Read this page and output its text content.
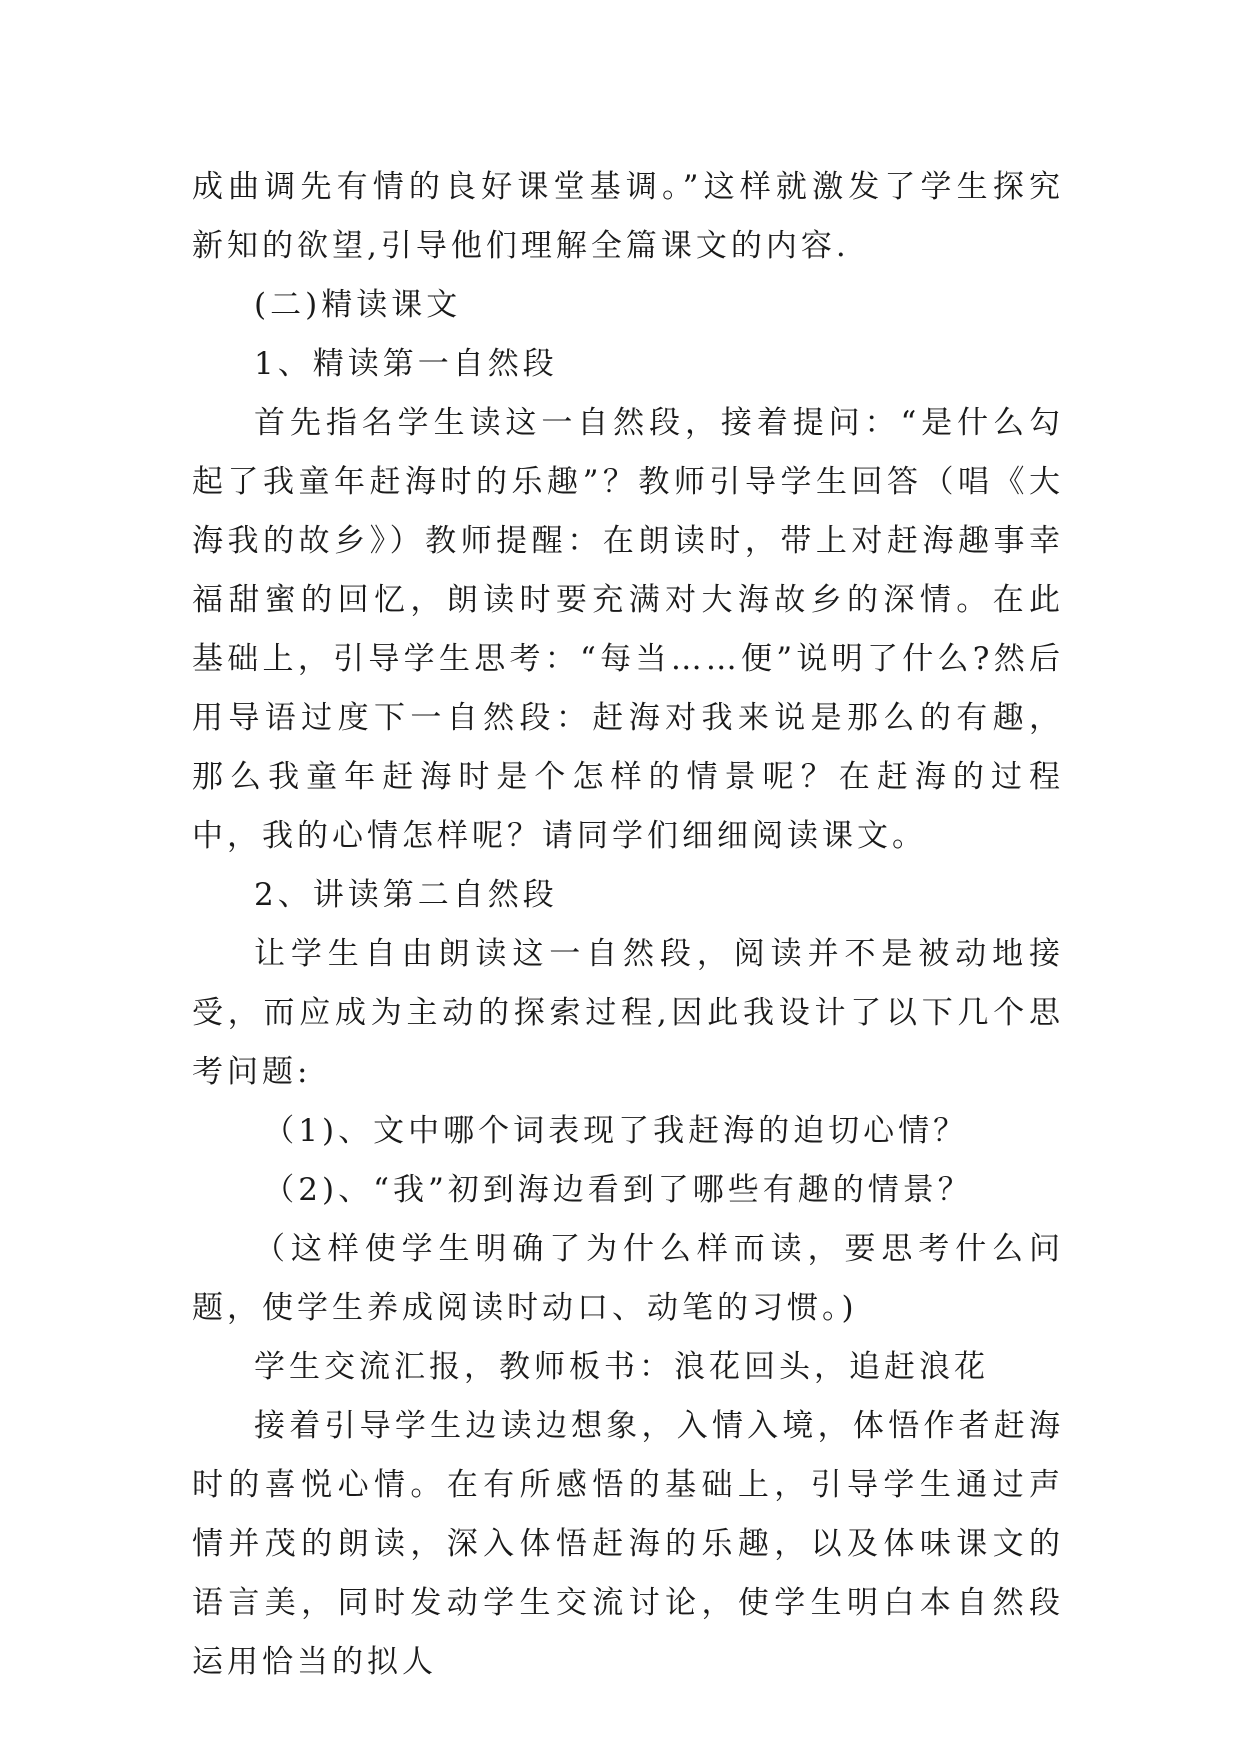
成曲调先有情的良好课堂基调。”这样就激发了学生探究新知的欲望,引导他们理解全篇课文的内容.

(二)精读课文

1、精读第一自然段

首先指名学生读这一自然段，接着提问：“是什么勾起了我童年赶海时的乐趣”？教师引导学生回答（唱《大海我的故乡》）教师提醒：在朗读时，带上对赶海趣事幸福甜蜜的回忆，朗读时要充满对大海故乡的深情。在此基础上，引导学生思考：“每当……便”说明了什么?然后用导语过度下一自然段：赶海对我来说是那么的有趣，那么我童年赶海时是个怎样的情景呢？在赶海的过程中，我的心情怎样呢？请同学们细细阅读课文。

2、讲读第二自然段

让学生自由朗读这一自然段，阅读并不是被动地接受，而应成为主动的探索过程,因此我设计了以下几个思考问题:

（1)、文中哪个词表现了我赶海的迫切心情？

（2)、“我”初到海边看到了哪些有趣的情景？

（这样使学生明确了为什么样而读，要思考什么问题，使学生养成阅读时动口、动笔的习惯。)

学生交流汇报，教师板书：浪花回头，追赶浪花

接着引导学生边读边想象，入情入境，体悟作者赶海时的喜悦心情。在有所感悟的基础上，引导学生通过声情并茂的朗读，深入体悟赶海的乐趣，以及体味课文的语言美，同时发动学生交流讨论，使学生明白本自然段运用恰当的拟人
